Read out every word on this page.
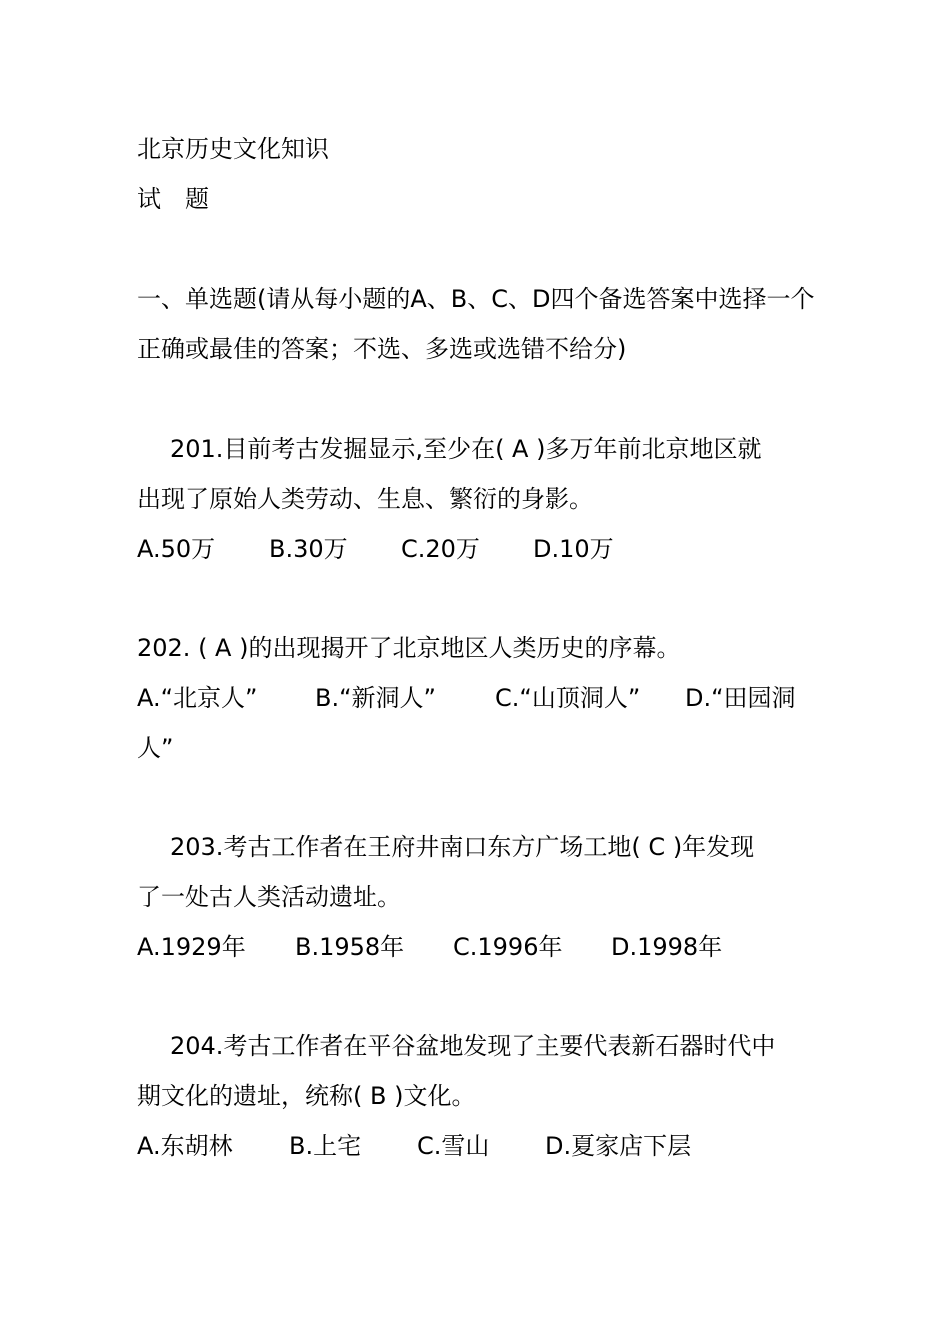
北京历史文化知识
试　题
一、单选题(请从每小题的A、B、C、D四个备选答案中选择一个
正确或最佳的答案；不选、多选或选错不给分)
201.目前考古发掘显示,至少在( A )多万年前北京地区就
出现了原始人类劳动、生息、繁衍的身影。
A.50万 B.30万 C.20万 D.10万
202. ( A )的出现揭开了北京地区人类历史的序幕。
A.“北京人” B.“新洞人” C.“山顶洞人” D.“田园洞
人”
203.考古工作者在王府井南口东方广场工地( C )年发现
了一处古人类活动遗址。
A.1929年 B.1958年 C.1996年 D.1998年
204.考古工作者在平谷盆地发现了主要代表新石器时代中
期文化的遗址，统称( B )文化。
A.东胡林 B.上宅 C.雪山 D.夏家店下层
